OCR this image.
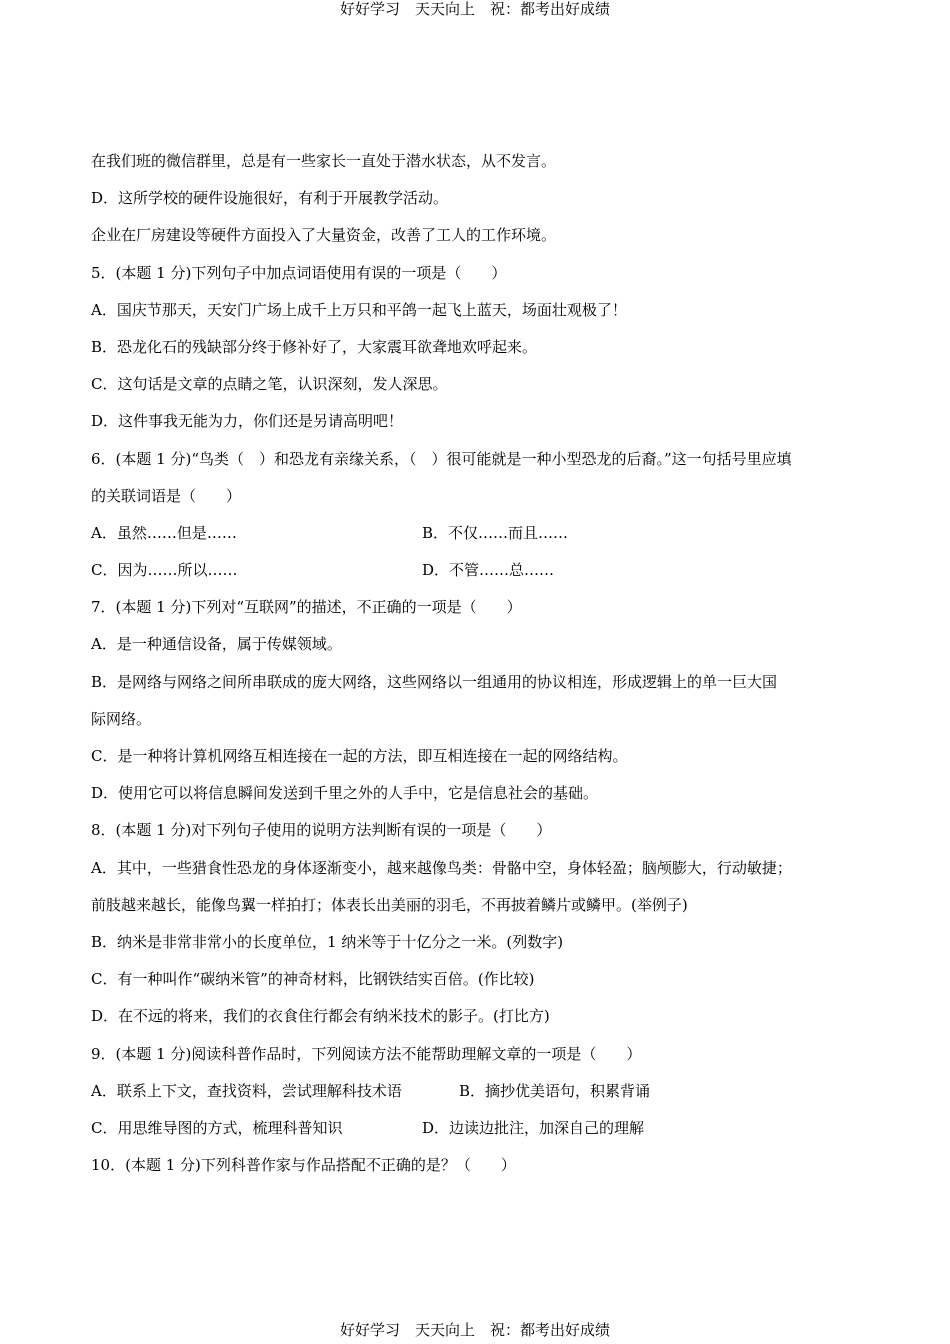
好好学习　天天向上　祝：都考出好成绩
在我们班的微信群里，总是有一些家长一直处于潜水状态，从不发言。
D．这所学校的硬件设施很好，有利于开展教学活动。
企业在厂房建设等硬件方面投入了大量资金，改善了工人的工作环境。
5．(本题 1 分)下列句子中加点词语使用有误的一项是（　　）
A．国庆节那天，天安门广场上成千上万只和平鸽一起飞上蓝天，场面壮观极了！
B．恐龙化石的残缺部分终于修补好了，大家震耳欲聋地欢呼起来。
C．这句话是文章的点睛之笔，认识深刻，发人深思。
D．这件事我无能为力，你们还是另请高明吧！
6．(本题 1 分)“鸟类（　）和恐龙有亲缘关系，（　）很可能就是一种小型恐龙的后裔。”这一句括号里应填
的关联词语是（　　）
A．虽然……但是……	B．不仅……而且……
C．因为……所以……	D．不管……总……
7．(本题 1 分)下列对“互联网”的描述，不正确的一项是（　　）
A．是一种通信设备，属于传媒领域。
B．是网络与网络之间所串联成的庞大网络，这些网络以一组通用的协议相连，形成逻辑上的单一巨大国
际网络。
C．是一种将计算机网络互相连接在一起的方法，即互相连接在一起的网络结构。
D．使用它可以将信息瞬间发送到千里之外的人手中，它是信息社会的基础。
8．(本题 1 分)对下列句子使用的说明方法判断有误的一项是（　　）
A．其中，一些猎食性恐龙的身体逐渐变小，越来越像鸟类：骨骼中空，身体轻盈；脑颅膨大，行动敏捷；
前肢越来越长，能像鸟翼一样拍打；体表长出美丽的羽毛，不再披着鳞片或鳞甲。(举例子)
B．纳米是非常非常小的长度单位，1 纳米等于十亿分之一米。(列数字)
C．有一种叫作“碳纳米管”的神奇材料，比钢铁结实百倍。(作比较)
D．在不远的将来，我们的衣食住行都会有纳米技术的影子。(打比方)
9．(本题 1 分)阅读科普作品时，下列阅读方法不能帮助理解文章的一项是（　　）
A．联系上下文，查找资料，尝试理解科技术语	B．摘抄优美语句，积累背诵
C．用思维导图的方式，梳理科普知识	D．边读边批注，加深自己的理解
10．(本题 1 分)下列科普作家与作品搭配不正确的是？（　　）
好好学习　天天向上　祝：都考出好成绩
